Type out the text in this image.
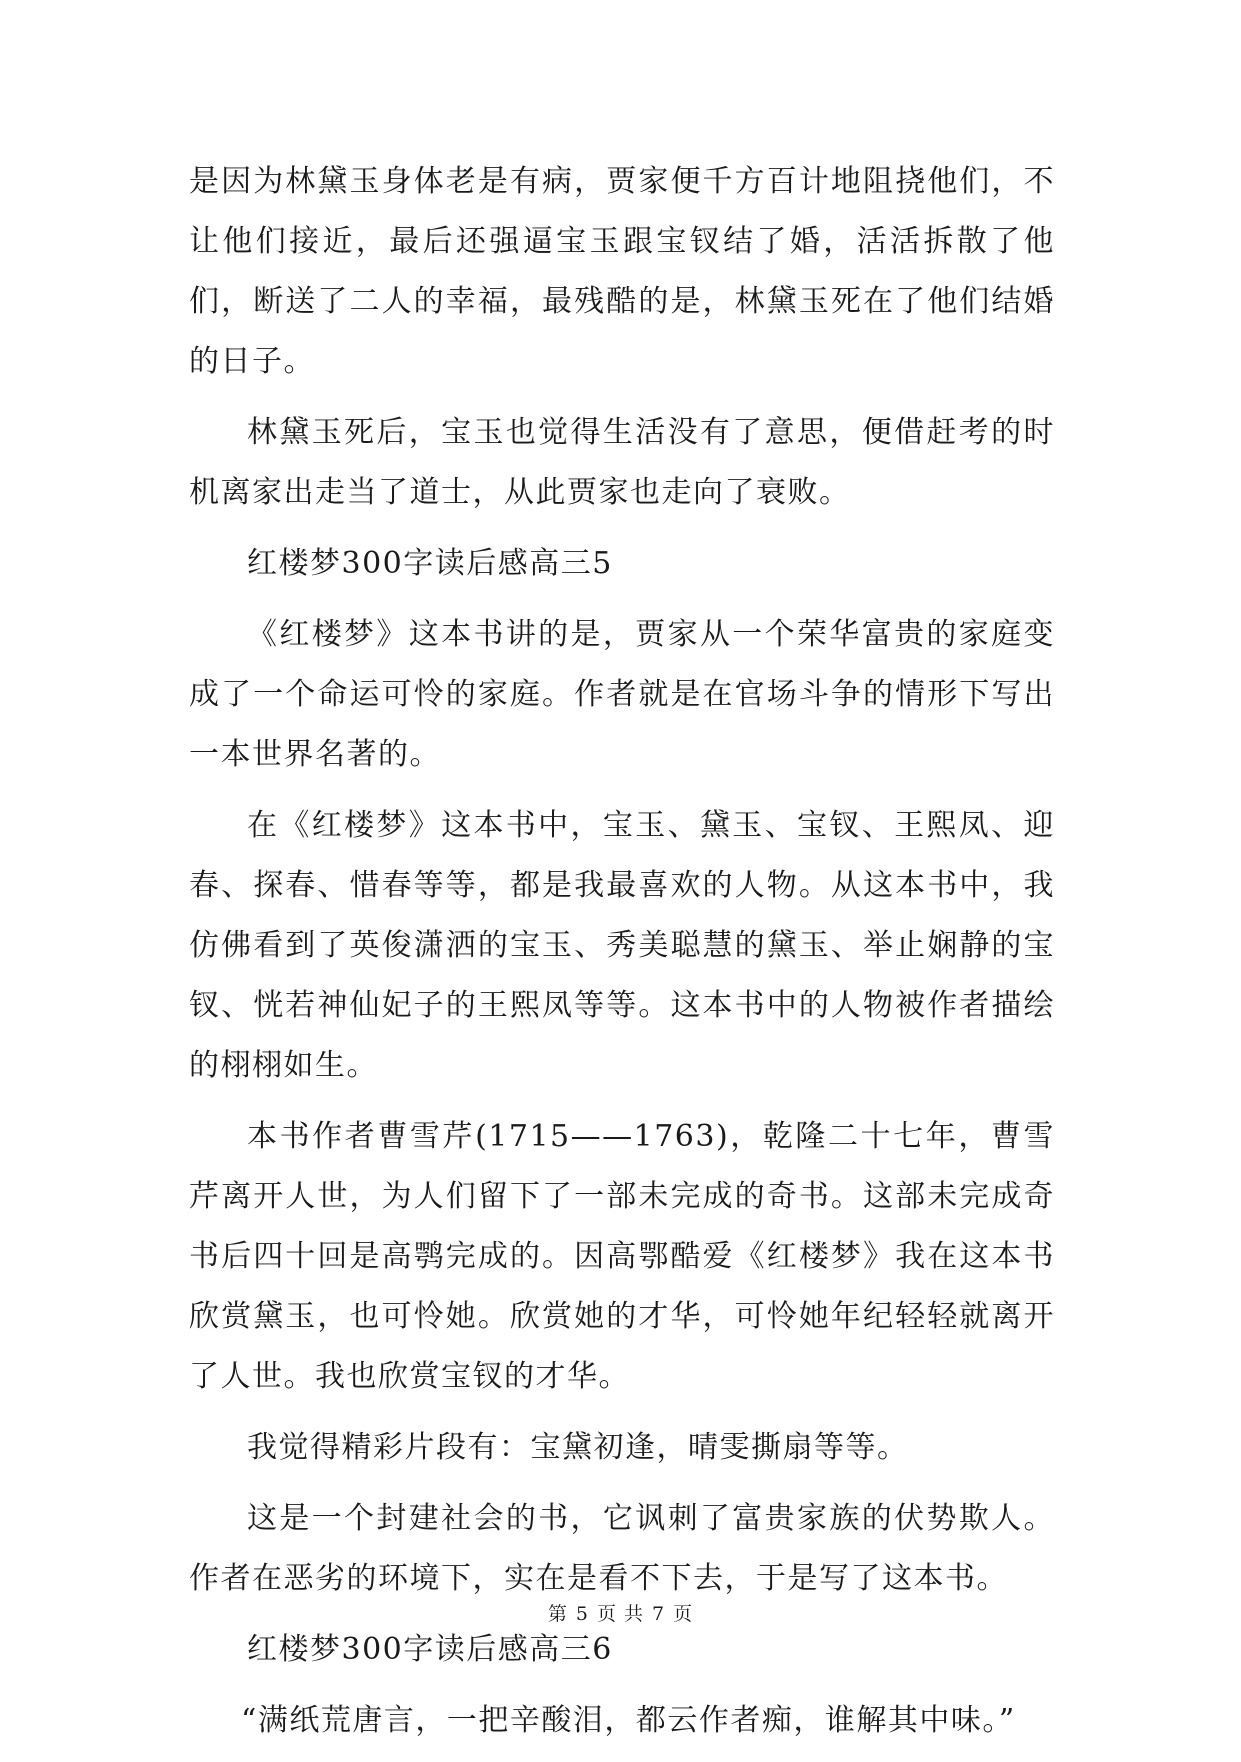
是因为林黛玉身体老是有病，贾家便千方百计地阻挠他们，不让他们接近，最后还强逼宝玉跟宝钗结了婚，活活拆散了他们，断送了二人的幸福，最残酷的是，林黛玉死在了他们结婚的日子。

林黛玉死后，宝玉也觉得生活没有了意思，便借赶考的时机离家出走当了道士，从此贾家也走向了衰败。

红楼梦300字读后感高三5

《红楼梦》这本书讲的是，贾家从一个荣华富贵的家庭变成了一个命运可怜的家庭。作者就是在官场斗争的情形下写出一本世界名著的。

在《红楼梦》这本书中，宝玉、黛玉、宝钗、王熙凤、迎春、探春、惜春等等，都是我最喜欢的人物。从这本书中，我仿佛看到了英俊潇洒的宝玉、秀美聪慧的黛玉、举止娴静的宝钗、恍若神仙妃子的王熙凤等等。这本书中的人物被作者描绘的栩栩如生。

本书作者曹雪芹(1715——1763)，乾隆二十七年，曹雪芹离开人世，为人们留下了一部未完成的奇书。这部未完成奇书后四十回是高鹗完成的。因高鄂酷爱《红楼梦》我在这本书欣赏黛玉，也可怜她。欣赏她的才华，可怜她年纪轻轻就离开了人世。我也欣赏宝钗的才华。

我觉得精彩片段有：宝黛初逢，晴雯撕扇等等。

这是一个封建社会的书，它讽刺了富贵家族的伏势欺人。作者在恶劣的环境下，实在是看不下去，于是写了这本书。

红楼梦300字读后感高三6

“满纸荒唐言，一把辛酸泪，都云作者痴，谁解其中味。”

第 5 页 共 7 页
